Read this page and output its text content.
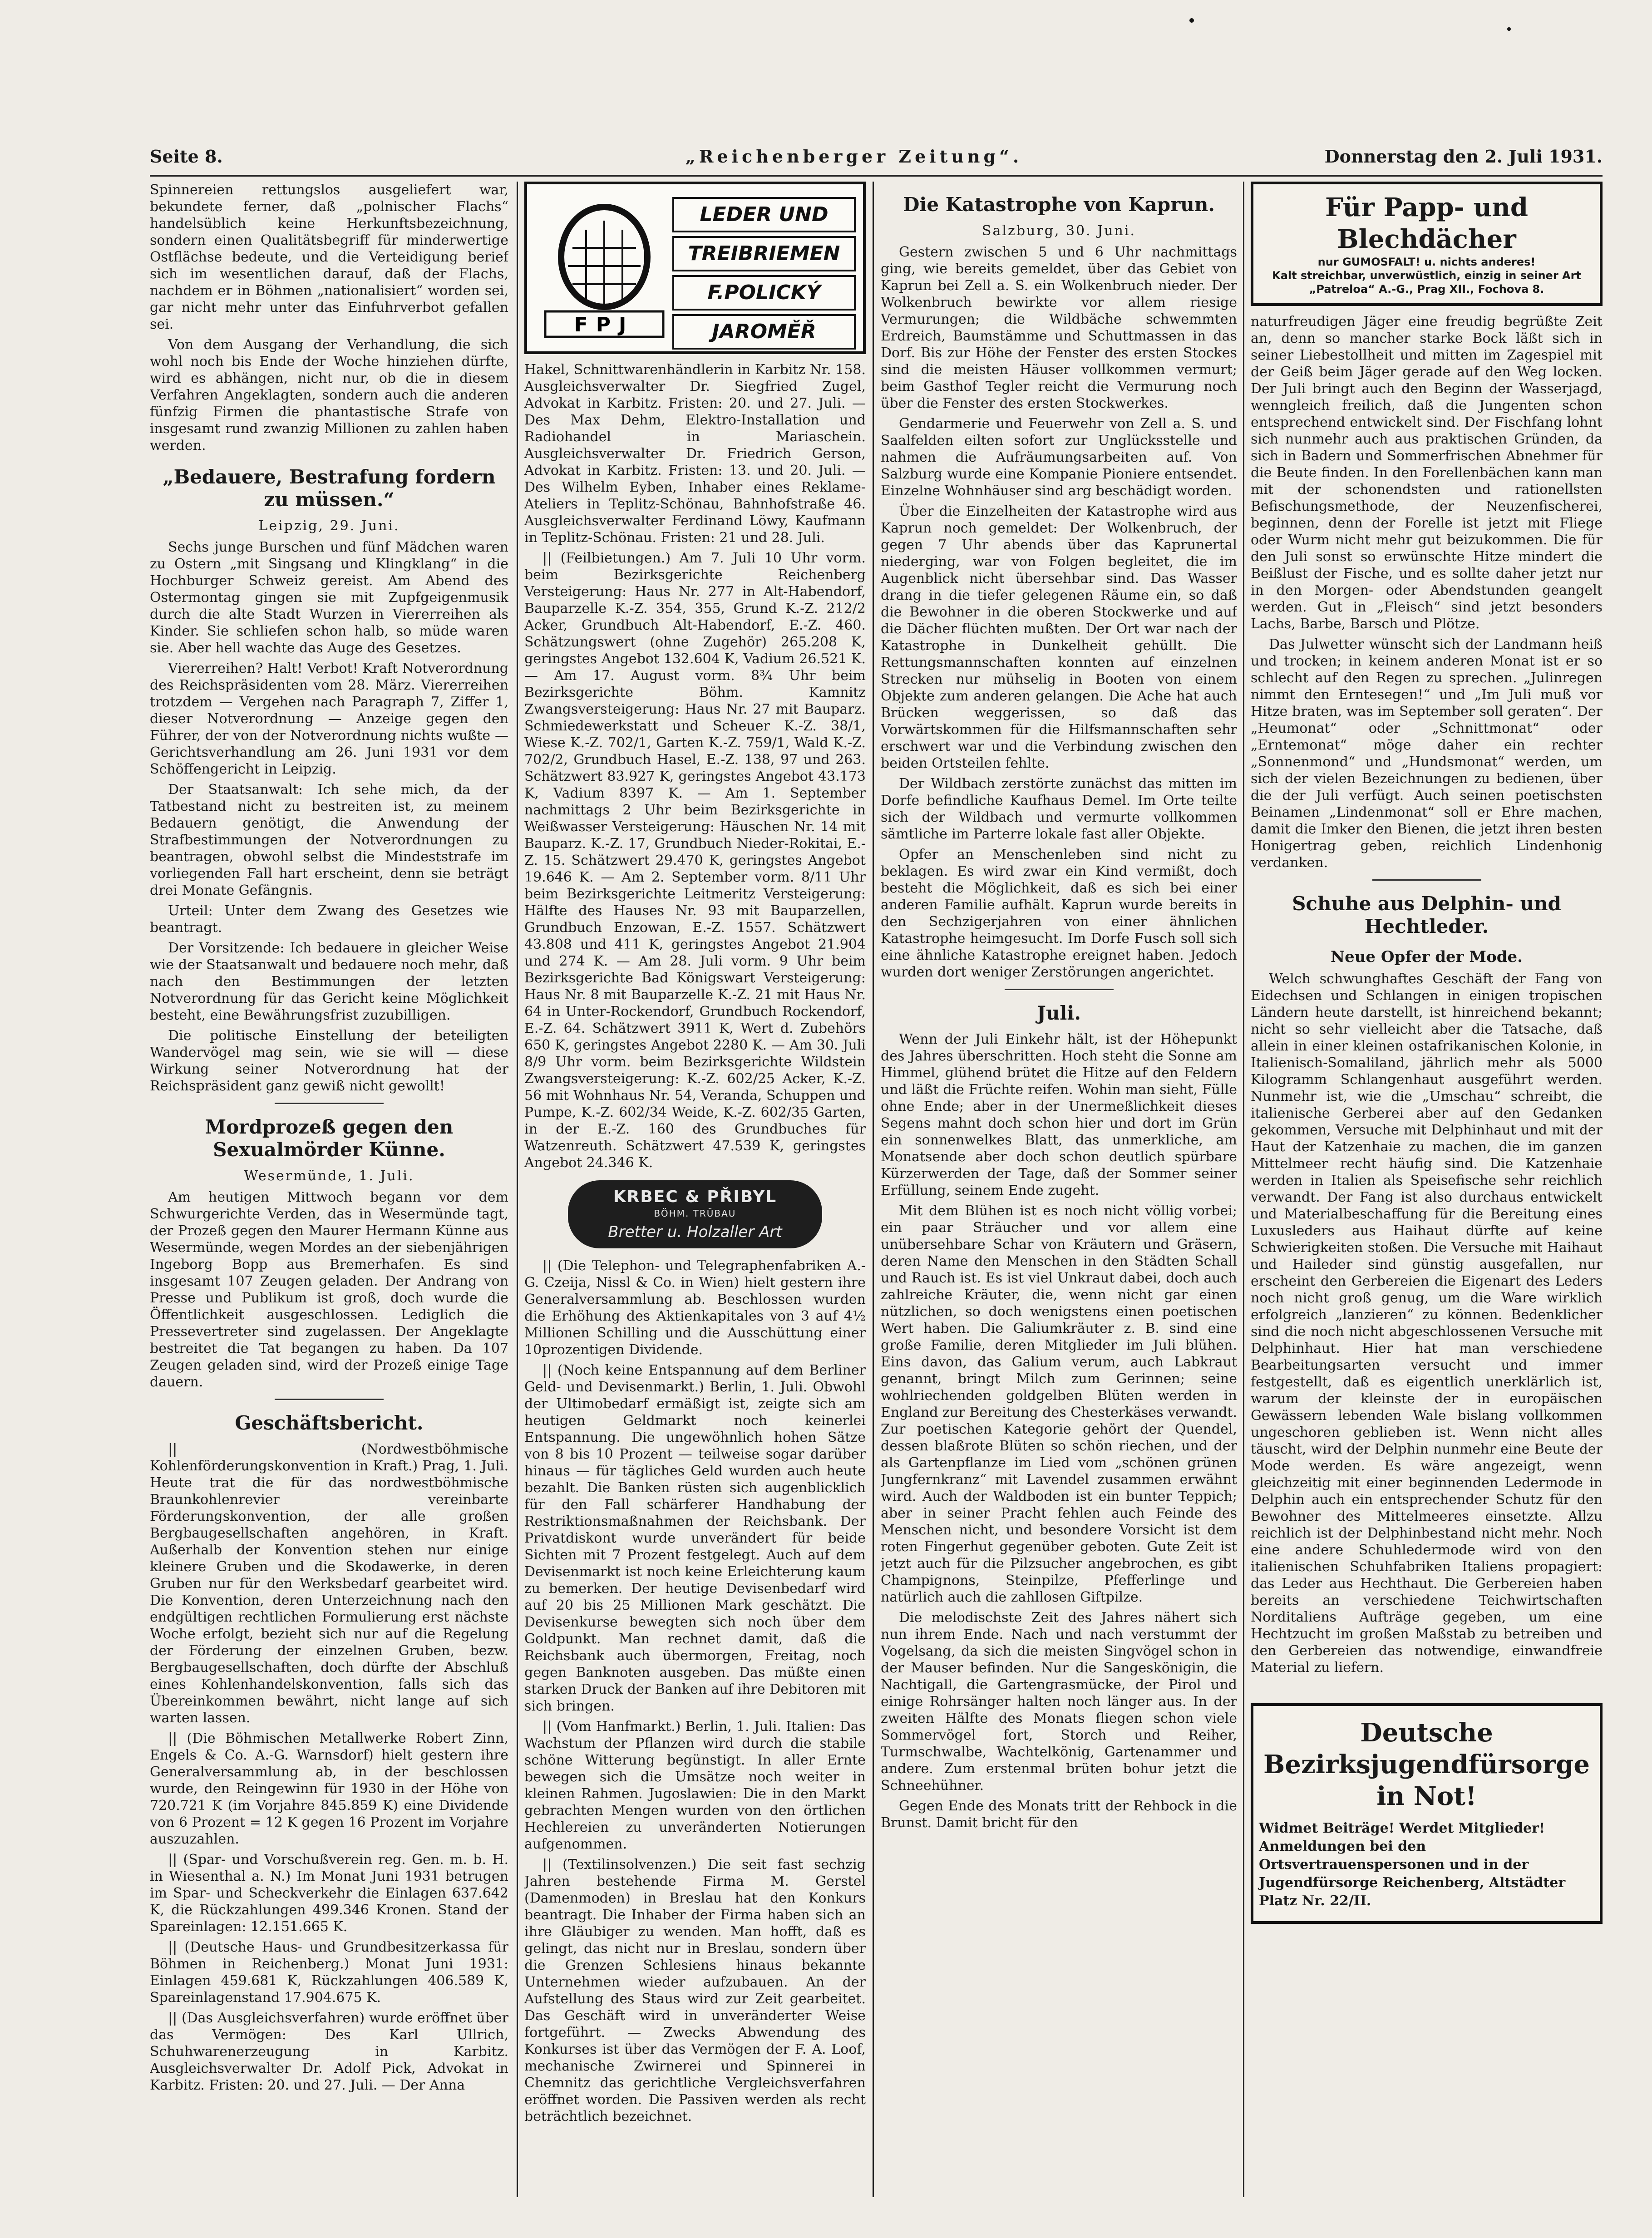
Seite 8.	„Reichenberger Zeitung“.	Donnerstag den 2. Juli 1931.

Spinnereien rettungslos ausgeliefert war, bekundete ferner, daß „polnischer Flachs“ handelsüblich keine Herkunftsbezeichnung, sondern einen Qualitätsbegriff für minderwertige Ostflächse bedeute, und die Verteidigung berief sich im wesentlichen darauf, daß der Flachs, nachdem er in Böhmen „nationalisiert“ worden sei, gar nicht mehr unter das Einfuhrverbot gefallen sei.

Von dem Ausgang der Verhandlung, die sich wohl noch bis Ende der Woche hinziehen dürfte, wird es abhängen, nicht nur, ob die in diesem Verfahren Angeklagten, sondern auch die anderen fünfzig Firmen die phantastische Strafe von insgesamt rund zwanzig Millionen zu zahlen haben werden.

„Bedauere, Bestrafung fordern zu müssen.“
Leipzig, 29. Juni.

Sechs junge Burschen und fünf Mädchen waren zu Ostern „mit Singsang und Klingklang“ in die Hochburger Schweiz gereist. Am Abend des Ostermontag gingen sie mit Zupfgeigenmusik durch die alte Stadt Wurzen in Viererreihen als Kinder. Sie schliefen schon halb, so müde waren sie. Aber hell wachte das Auge des Gesetzes.

Viererreihen? Halt! Verbot! Kraft Notverordnung des Reichspräsidenten vom 28. März. Viererreihen trotzdem — Vergehen nach Paragraph 7, Ziffer 1, dieser Notverordnung — Anzeige gegen den Führer, der von der Notverordnung nichts wußte — Gerichtsverhandlung am 26. Juni 1931 vor dem Schöffengericht in Leipzig.

Der Staatsanwalt: Ich sehe mich, da der Tatbestand nicht zu bestreiten ist, zu meinem Bedauern genötigt, die Anwendung der Strafbestimmungen der Notverordnungen zu beantragen, obwohl selbst die Mindeststrafe im vorliegenden Fall hart erscheint, denn sie beträgt drei Monate Gefängnis.

Urteil: Unter dem Zwang des Gesetzes wie beantragt.

Der Vorsitzende: Ich bedauere in gleicher Weise wie der Staatsanwalt und bedauere noch mehr, daß nach den Bestimmungen der letzten Notverordnung für das Gericht keine Möglichkeit besteht, eine Bewährungsfrist zuzubilligen.

Die politische Einstellung der beteiligten Wandervögel mag sein, wie sie will — diese Wirkung seiner Notverordnung hat der Reichspräsident ganz gewiß nicht gewollt!

Mordprozeß gegen den Sexualmörder Künne.
Wesermünde, 1. Juli.

Am heutigen Mittwoch begann vor dem Schwurgerichte Verden, das in Wesermünde tagt, der Prozeß gegen den Maurer Hermann Künne aus Wesermünde, wegen Mordes an der siebenjährigen Ingeborg Bopp aus Bremerhafen. Es sind insgesamt 107 Zeugen geladen. Der Andrang von Presse und Publikum ist groß, doch wurde die Öffentlichkeit ausgeschlossen. Lediglich die Pressevertreter sind zugelassen. Der Angeklagte bestreitet die Tat begangen zu haben. Da 107 Zeugen geladen sind, wird der Prozeß einige Tage dauern.

Geschäftsbericht.

|| (Nordwestböhmische Kohlenförderungskonvention in Kraft.) Prag, 1. Juli. Heute trat die für das nordwestböhmische Braunkohlenrevier vereinbarte Förderungskonvention, der alle großen Bergbaugesellschaften angehören, in Kraft. Außerhalb der Konvention stehen nur einige kleinere Gruben und die Skodawerke, in deren Gruben nur für den Werksbedarf gearbeitet wird. Die Konvention, deren Unterzeichnung nach den endgültigen rechtlichen Formulierung erst nächste Woche erfolgt, bezieht sich nur auf die Regelung der Förderung der einzelnen Gruben, bezw. Bergbaugesellschaften, doch dürfte der Abschluß eines Kohlenhandelskonvention, falls sich das Übereinkommen bewährt, nicht lange auf sich warten lassen.

|| (Die Böhmischen Metallwerke Robert Zinn, Engels & Co. A.-G. Warnsdorf) hielt gestern ihre Generalversammlung ab, in der beschlossen wurde, den Reingewinn für 1930 in der Höhe von 720.721 K (im Vorjahre 845.859 K) eine Dividende von 6 Prozent = 12 K gegen 16 Prozent im Vorjahre auszuzahlen.

|| (Spar- und Vorschußverein reg. Gen. m. b. H. in Wiesenthal a. N.) Im Monat Juni 1931 betrugen im Spar- und Scheckverkehr die Einlagen 637.642 K, die Rückzahlungen 499.346 Kronen. Stand der Spareinlagen: 12.151.665 K.

|| (Deutsche Haus- und Grundbesitzerkassa für Böhmen in Reichenberg.) Monat Juni 1931: Einlagen 459.681 K, Rückzahlungen 406.589 K, Spareinlagenstand 17.904.675 K.

|| (Das Ausgleichsverfahren) wurde eröffnet über das Vermögen: Des Karl Ullrich, Schuhwarenerzeugung in Karbitz. Ausgleichsverwalter Dr. Adolf Pick, Advokat in Karbitz. Fristen: 20. und 27. Juli. — Der Anna

FPJ
LEDER UND
TREIBRIEMEN
F.POLICKÝ
JAROMĚŘ

Hakel, Schnittwarenhändlerin in Karbitz Nr. 158. Ausgleichsverwalter Dr. Siegfried Zugel, Advokat in Karbitz. Fristen: 20. und 27. Juli. — Des Max Dehm, Elektro-Installation und Radiohandel in Mariaschein. Ausgleichsverwalter Dr. Friedrich Gerson, Advokat in Karbitz. Fristen: 13. und 20. Juli. — Des Wilhelm Eyben, Inhaber eines Reklame-Ateliers in Teplitz-Schönau, Bahnhofstraße 46. Ausgleichsverwalter Ferdinand Löwy, Kaufmann in Teplitz-Schönau. Fristen: 21 und 28. Juli.

|| (Feilbietungen.) Am 7. Juli 10 Uhr vorm. beim Bezirksgerichte Reichenberg Versteigerung: Haus Nr. 277 in Alt-Habendorf, Bauparzelle K.-Z. 354, 355, Grund K.-Z. 212/2 Acker, Grundbuch Alt-Habendorf, E.-Z. 460. Schätzungswert (ohne Zugehör) 265.208 K, geringstes Angebot 132.604 K, Vadium 26.521 K. — Am 17. August vorm. 8¾ Uhr beim Bezirksgerichte Böhm. Kamnitz Zwangsversteigerung: Haus Nr. 27 mit Bauparz. Schmiedewerkstatt und Scheuer K.-Z. 38/1, Wiese K.-Z. 702/1, Garten K.-Z. 759/1, Wald K.-Z. 702/2, Grundbuch Hasel, E.-Z. 138, 97 und 263. Schätzwert 83.927 K, geringstes Angebot 43.173 K, Vadium 8397 K. — Am 1. September nachmittags 2 Uhr beim Bezirksgerichte in Weißwasser Versteigerung: Häuschen Nr. 14 mit Bauparz. K.-Z. 17, Grundbuch Nieder-Rokitai, E.-Z. 15. Schätzwert 29.470 K, geringstes Angebot 19.646 K. — Am 2. September vorm. 8/11 Uhr beim Bezirksgerichte Leitmeritz Versteigerung: Hälfte des Hauses Nr. 93 mit Bauparzellen, Grundbuch Enzowan, E.-Z. 1557. Schätzwert 43.808 und 411 K, geringstes Angebot 21.904 und 274 K. — Am 28. Juli vorm. 9 Uhr beim Bezirksgerichte Bad Königswart Versteigerung: Haus Nr. 8 mit Bauparzelle K.-Z. 21 mit Haus Nr. 64 in Unter-Rockendorf, Grundbuch Rockendorf, E.-Z. 64. Schätzwert 3911 K, Wert d. Zubehörs 650 K, geringstes Angebot 2280 K. — Am 30. Juli 8/9 Uhr vorm. beim Bezirksgerichte Wildstein Zwangsversteigerung: K.-Z. 602/25 Acker, K.-Z. 56 mit Wohnhaus Nr. 54, Veranda, Schuppen und Pumpe, K.-Z. 602/34 Weide, K.-Z. 602/35 Garten, in der E.-Z. 160 des Grundbuches für Watzenreuth. Schätzwert 47.539 K, geringstes Angebot 24.346 K.

KRBEC & PŘIBYL
BÖHM. TRÜBAU
Bretter u. Holzaller Art

|| (Die Telephon- und Telegraphenfabriken A.-G. Czeija, Nissl & Co. in Wien) hielt gestern ihre Generalversammlung ab. Beschlossen wurden die Erhöhung des Aktienkapitales von 3 auf 4½ Millionen Schilling und die Ausschüttung einer 10prozentigen Dividende.

|| (Noch keine Entspannung auf dem Berliner Geld- und Devisenmarkt.) Berlin, 1. Juli. Obwohl der Ultimobedarf ermäßigt ist, zeigte sich am heutigen Geldmarkt noch keinerlei Entspannung. Die ungewöhnlich hohen Sätze von 8 bis 10 Prozent — teilweise sogar darüber hinaus — für tägliches Geld wurden auch heute bezahlt. Die Banken rüsten sich augenblicklich für den Fall schärferer Handhabung der Restriktionsmaßnahmen der Reichsbank. Der Privatdiskont wurde unverändert für beide Sichten mit 7 Prozent festgelegt. Auch auf dem Devisenmarkt ist noch keine Erleichterung kaum zu bemerken. Der heutige Devisenbedarf wird auf 20 bis 25 Millionen Mark geschätzt. Die Devisenkurse bewegten sich noch über dem Goldpunkt. Man rechnet damit, daß die Reichsbank auch übermorgen, Freitag, noch gegen Banknoten ausgeben. Das müßte einen starken Druck der Banken auf ihre Debitoren mit sich bringen.

|| (Vom Hanfmarkt.) Berlin, 1. Juli. Italien: Das Wachstum der Pflanzen wird durch die stabile schöne Witterung begünstigt. In aller Ernte bewegen sich die Umsätze noch weiter in kleinen Rahmen. Jugoslawien: Die in den Markt gebrachten Mengen wurden von den örtlichen Hechlereien zu unveränderten Notierungen aufgenommen.

|| (Textilinsolvenzen.) Die seit fast sechzig Jahren bestehende Firma M. Gerstel (Damenmoden) in Breslau hat den Konkurs beantragt. Die Inhaber der Firma haben sich an ihre Gläubiger zu wenden. Man hofft, daß es gelingt, das nicht nur in Breslau, sondern über die Grenzen Schlesiens hinaus bekannte Unternehmen wieder aufzubauen. An der Aufstellung des Staus wird zur Zeit gearbeitet. Das Geschäft wird in unveränderter Weise fortgeführt. — Zwecks Abwendung des Konkurses ist über das Vermögen der F. A. Loof, mechanische Zwirnerei und Spinnerei in Chemnitz das gerichtliche Vergleichsverfahren eröffnet worden. Die Passiven werden als recht beträchtlich bezeichnet.

Die Katastrophe von Kaprun.
Salzburg, 30. Juni.

Gestern zwischen 5 und 6 Uhr nachmittags ging, wie bereits gemeldet, über das Gebiet von Kaprun bei Zell a. S. ein Wolkenbruch nieder. Der Wolkenbruch bewirkte vor allem riesige Vermurungen; die Wildbäche schwemmten Erdreich, Baumstämme und Schuttmassen in das Dorf. Bis zur Höhe der Fenster des ersten Stockes sind die meisten Häuser vollkommen vermurt; beim Gasthof Tegler reicht die Vermurung noch über die Fenster des ersten Stockwerkes.

Gendarmerie und Feuerwehr von Zell a. S. und Saalfelden eilten sofort zur Unglücksstelle und nahmen die Aufräumungsarbeiten auf. Von Salzburg wurde eine Kompanie Pioniere entsendet. Einzelne Wohnhäuser sind arg beschädigt worden.

Über die Einzelheiten der Katastrophe wird aus Kaprun noch gemeldet: Der Wolkenbruch, der gegen 7 Uhr abends über das Kaprunertal niederging, war von Folgen begleitet, die im Augenblick nicht übersehbar sind. Das Wasser drang in die tiefer gelegenen Räume ein, so daß die Bewohner in die oberen Stockwerke und auf die Dächer flüchten mußten. Der Ort war nach der Katastrophe in Dunkelheit gehüllt. Die Rettungsmannschaften konnten auf einzelnen Strecken nur mühselig in Booten von einem Objekte zum anderen gelangen. Die Ache hat auch Brücken weggerissen, so daß das Vorwärtskommen für die Hilfsmannschaften sehr erschwert war und die Verbindung zwischen den beiden Ortsteilen fehlte.

Der Wildbach zerstörte zunächst das mitten im Dorfe befindliche Kaufhaus Demel. Im Orte teilte sich der Wildbach und vermurte vollkommen sämtliche im Parterre lokale fast aller Objekte.

Opfer an Menschenleben sind nicht zu beklagen. Es wird zwar ein Kind vermißt, doch besteht die Möglichkeit, daß es sich bei einer anderen Familie aufhält. Kaprun wurde bereits in den Sechzigerjahren von einer ähnlichen Katastrophe heimgesucht. Im Dorfe Fusch soll sich eine ähnliche Katastrophe ereignet haben. Jedoch wurden dort weniger Zerstörungen angerichtet.

Juli.

Wenn der Juli Einkehr hält, ist der Höhepunkt des Jahres überschritten. Hoch steht die Sonne am Himmel, glühend brütet die Hitze auf den Feldern und läßt die Früchte reifen. Wohin man sieht, Fülle ohne Ende; aber in der Unermeßlichkeit dieses Segens mahnt doch schon hier und dort im Grün ein sonnenwelkes Blatt, das unmerkliche, am Monatsende aber doch schon deutlich spürbare Kürzerwerden der Tage, daß der Sommer seiner Erfüllung, seinem Ende zugeht.

Mit dem Blühen ist es noch nicht völlig vorbei; ein paar Sträucher und vor allem eine unübersehbare Schar von Kräutern und Gräsern, deren Name den Menschen in den Städten Schall und Rauch ist. Es ist viel Unkraut dabei, doch auch zahlreiche Kräuter, die, wenn nicht gar einen nützlichen, so doch wenigstens einen poetischen Wert haben. Die Galiumkräuter z. B. sind eine große Familie, deren Mitglieder im Juli blühen. Eins davon, das Galium verum, auch Labkraut genannt, bringt Milch zum Gerinnen; seine wohlriechenden goldgelben Blüten werden in England zur Bereitung des Chesterkäses verwandt. Zur poetischen Kategorie gehört der Quendel, dessen blaßrote Blüten so schön riechen, und der als Gartenpflanze im Lied vom „schönen grünen Jungfernkranz“ mit Lavendel zusammen erwähnt wird. Auch der Waldboden ist ein bunter Teppich; aber in seiner Pracht fehlen auch Feinde des Menschen nicht, und besondere Vorsicht ist dem roten Fingerhut gegenüber geboten. Gute Zeit ist jetzt auch für die Pilzsucher angebrochen, es gibt Champignons, Steinpilze, Pfefferlinge und natürlich auch die zahllosen Giftpilze.

Die melodischste Zeit des Jahres nähert sich nun ihrem Ende. Nach und nach verstummt der Vogelsang, da sich die meisten Singvögel schon in der Mauser befinden. Nur die Sangeskönigin, die Nachtigall, die Gartengrasmücke, der Pirol und einige Rohrsänger halten noch länger aus. In der zweiten Hälfte des Monats fliegen schon viele Sommervögel fort, Storch und Reiher, Turmschwalbe, Wachtelkönig, Gartenammer und andere. Zum erstenmal brüten bohur jetzt die Schneehühner.

Gegen Ende des Monats tritt der Rehbock in die Brunst. Damit bricht für den

Für Papp- und Blechdächer
nur GUMOSFALT! u. nichts anderes!
Kalt streichbar, unverwüstlich, einzig in seiner Art
„Patreloa“ A.-G., Prag XII., Fochova 8.

naturfreudigen Jäger eine freudig begrüßte Zeit an, denn so mancher starke Bock läßt sich in seiner Liebestollheit und mitten im Zagespiel mit der Geiß beim Jäger gerade auf den Weg locken. Der Juli bringt auch den Beginn der Wasserjagd, wenngleich freilich, daß die Jungenten schon entsprechend entwickelt sind. Der Fischfang lohnt sich nunmehr auch aus praktischen Gründen, da sich in Badern und Sommerfrischen Abnehmer für die Beute finden. In den Forellenbächen kann man mit der schonendsten und rationellsten Befischungsmethode, der Neuzenfischerei, beginnen, denn der Forelle ist jetzt mit Fliege oder Wurm nicht mehr gut beizukommen. Die für den Juli sonst so erwünschte Hitze mindert die Beißlust der Fische, und es sollte daher jetzt nur in den Morgen- oder Abendstunden geangelt werden. Gut in „Fleisch“ sind jetzt besonders Lachs, Barbe, Barsch und Plötze.

Das Julwetter wünscht sich der Landmann heiß und trocken; in keinem anderen Monat ist er so schlecht auf den Regen zu sprechen. „Julinregen nimmt den Erntesegen!“ und „Im Juli muß vor Hitze braten, was im September soll geraten“. Der „Heumonat“ oder „Schnittmonat“ oder „Erntemonat“ möge daher ein rechter „Sonnenmond“ und „Hundsmonat“ werden, um sich der vielen Bezeichnungen zu bedienen, über die der Juli verfügt. Auch seinen poetischsten Beinamen „Lindenmonat“ soll er Ehre machen, damit die Imker den Bienen, die jetzt ihren besten Honigertrag geben, reichlich Lindenhonig verdanken.

Schuhe aus Delphin- und Hechtleder.
Neue Opfer der Mode.

Welch schwunghaftes Geschäft der Fang von Eidechsen und Schlangen in einigen tropischen Ländern heute darstellt, ist hinreichend bekannt; nicht so sehr vielleicht aber die Tatsache, daß allein in einer kleinen ostafrikanischen Kolonie, in Italienisch-Somaliland, jährlich mehr als 5000 Kilogramm Schlangenhaut ausgeführt werden. Nunmehr ist, wie die „Umschau“ schreibt, die italienische Gerberei aber auf den Gedanken gekommen, Versuche mit Delphinhaut und mit der Haut der Katzenhaie zu machen, die im ganzen Mittelmeer recht häufig sind. Die Katzenhaie werden in Italien als Speisefische sehr reichlich verwandt. Der Fang ist also durchaus entwickelt und Materialbeschaffung für die Bereitung eines Luxusleders aus Haihaut dürfte auf keine Schwierigkeiten stoßen. Die Versuche mit Haihaut und Haileder sind günstig ausgefallen, nur erscheint den Gerbereien die Eigenart des Leders noch nicht groß genug, um die Ware wirklich erfolgreich „lanzieren“ zu können. Bedenklicher sind die noch nicht abgeschlossenen Versuche mit Delphinhaut. Hier hat man verschiedene Bearbeitungsarten versucht und immer festgestellt, daß es eigentlich unerklärlich ist, warum der kleinste der in europäischen Gewässern lebenden Wale bislang vollkommen ungeschoren geblieben ist. Wenn nicht alles täuscht, wird der Delphin nunmehr eine Beute der Mode werden. Es wäre angezeigt, wenn gleichzeitig mit einer beginnenden Ledermode in Delphin auch ein entsprechender Schutz für den Bewohner des Mittelmeeres einsetzte. Allzu reichlich ist der Delphinbestand nicht mehr. Noch eine andere Schuhledermode wird von den italienischen Schuhfabriken Italiens propagiert: das Leder aus Hechthaut. Die Gerbereien haben bereits an verschiedene Teichwirtschaften Norditaliens Aufträge gegeben, um eine Hechtzucht im großen Maßstab zu betreiben und den Gerbereien das notwendige, einwandfreie Material zu liefern.

Deutsche Bezirksjugendfürsorge in Not!
Widmet Beiträge! Werdet Mitglieder! Anmeldungen bei den Ortsvertrauenspersonen und in der Jugendfürsorge Reichenberg, Altstädter Platz Nr. 22/II.
